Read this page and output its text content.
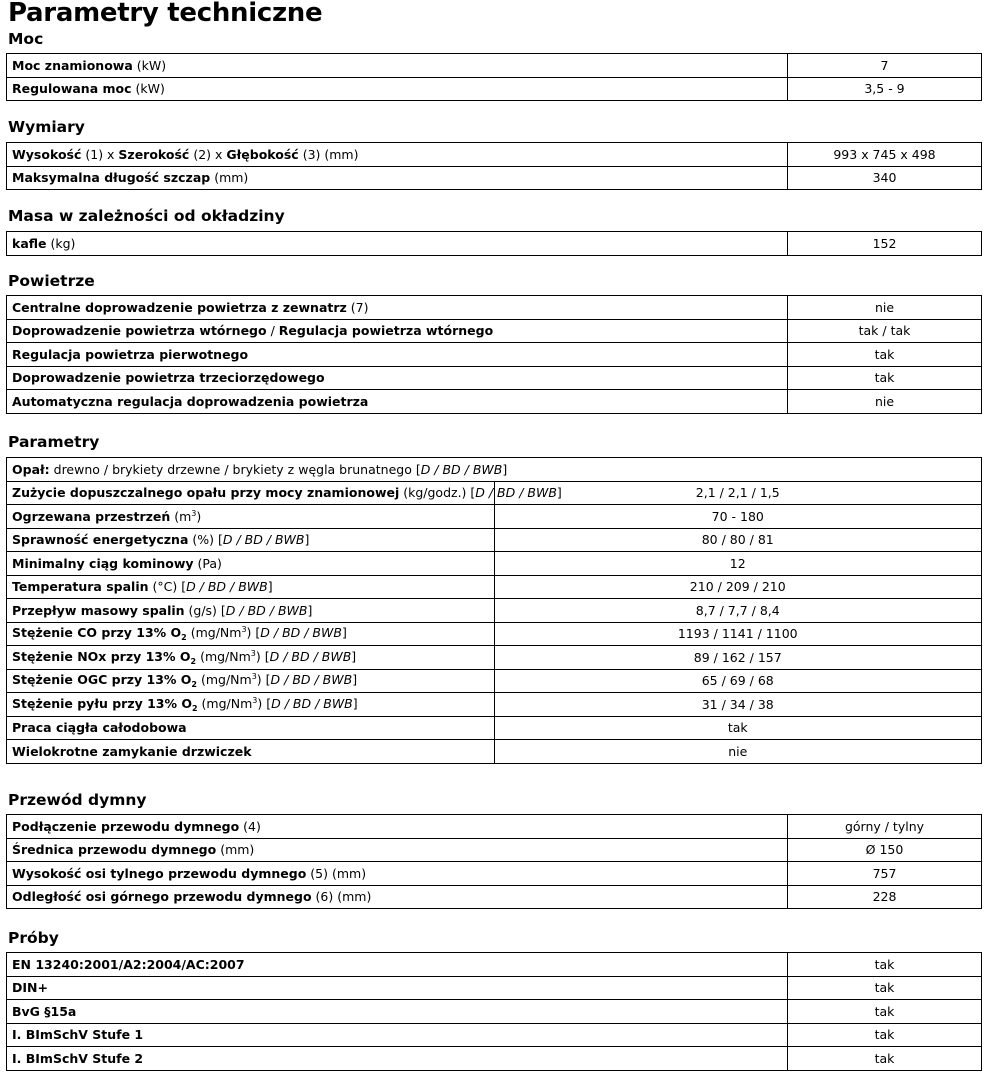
Parametry techniczne
Moc
Moc znamionowa (kW)	7
Regulowana moc (kW)	3,5 - 9
Wymiary
Wysokość (1) x Szerokość (2) x Głębokość (3) (mm)	993 x 745 x 498
Maksymalna długość szczap (mm)	340
Masa w zależności od okładziny
kafle (kg)	152
Powietrze
Centralne doprowadzenie powietrza z zewnatrz (7)	nie
Doprowadzenie powietrza wtórnego / Regulacja powietrza wtórnego	tak / tak
Regulacja powietrza pierwotnego	tak
Doprowadzenie powietrza trzeciorzędowego	tak
Automatyczna regulacja doprowadzenia powietrza	nie
Parametry
Opał: drewno / brykiety drzewne / brykiety z węgla brunatnego [D / BD / BWB]	
Zużycie dopuszczalnego opału przy mocy znamionowej (kg/godz.) [D / BD / BWB]	2,1 / 2,1 / 1,5
Ogrzewana przestrzeń $(m^3)$	70 - 180
Sprawność energetyczna (%) [D / BD / BWB]	80 / 80 / 81
Minimalny ciąg kominowy (Pa)	12
Temperatura spalin (°C) [D / BD / BWB]	210 / 209 / 210
Przepływ masowy spalin (g/s) [D / BD / BWB]	8,7 / 7,7 / 8,4
Stężenie CO przy 13% $O_2$ (mg/Nm$^3$) [D / BD / BWB]	1193 / 1141 / 1100
Stężenie NOx przy 13% $O_2$ (mg/Nm$^3$) [D / BD / BWB]	89 / 162 / 157
Stężenie OGC przy 13% $O_2$ (mg/Nm$^3$) [D / BD / BWB]	65 / 69 / 68
Stężenie pyłu przy 13% $O_2$ (mg/Nm$^3$) [D / BD / BWB]	31 / 34 / 38
Praca ciągła całodobowa	tak
Wielokrotne zamykanie drzwiczek	nie
Przewód dymny
Podłączenie przewodu dymnego (4)	górny / tylny
Średnica przewodu dymnego (mm)	Ø 150
Wysokość osi tylnego przewodu dymnego (5) (mm)	757
Odległość osi górnego przewodu dymnego (6) (mm)	228
Próby
EN 13240:2001/A2:2004/AC:2007	tak
DIN+	tak
BvG §15a	tak
I. BImSchV Stufe 1	tak
I. BImSchV Stufe 2	tak
